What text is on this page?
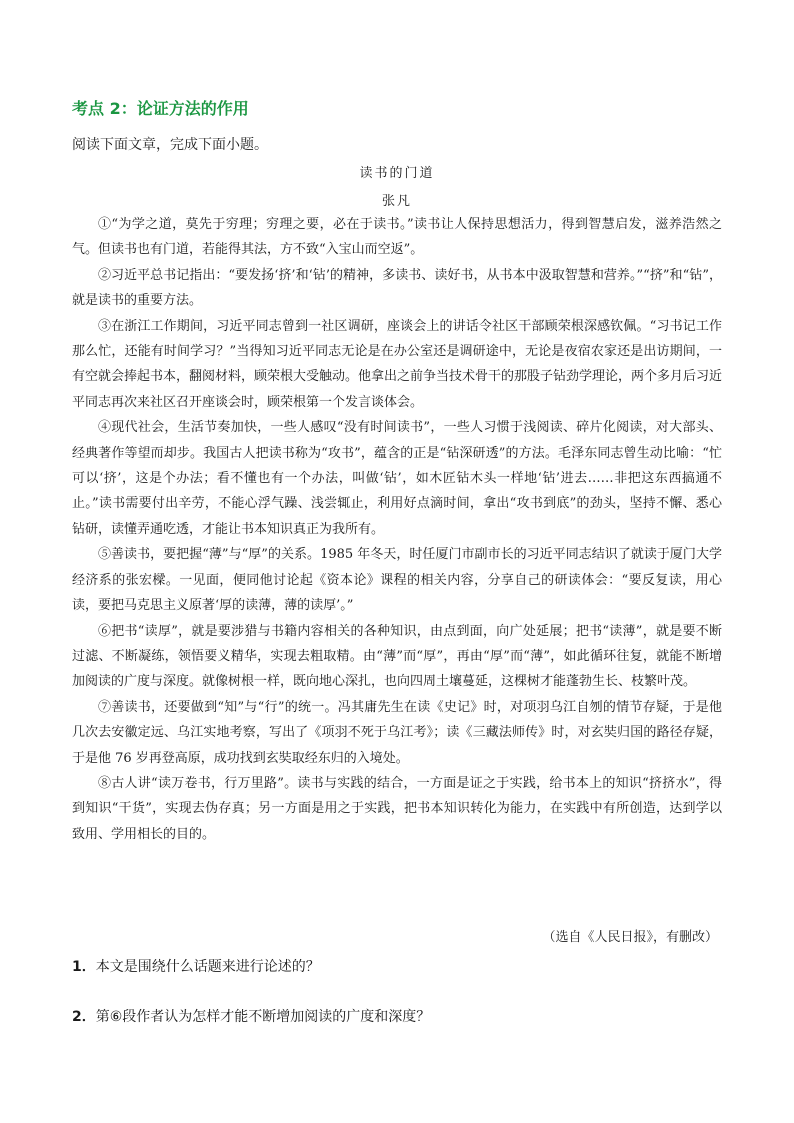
考点 2：论证方法的作用
阅读下面文章，完成下面小题。
读书的门道
张凡

①“为学之道，莫先于穷理；穷理之要，必在于读书。”读书让人保持思想活力，得到智慧启发，滋养浩然之气。但读书也有门道，若能得其法，方不致“入宝山而空返”。

②习近平总书记指出：“要发扬‘挤’和‘钻’的精神，多读书、读好书，从书本中汲取智慧和营养。”“挤”和“钻”，就是读书的重要方法。

③在浙江工作期间，习近平同志曾到一社区调研，座谈会上的讲话令社区干部顾荣根深感钦佩。“习书记工作那么忙，还能有时间学习？”当得知习近平同志无论是在办公室还是调研途中，无论是夜宿农家还是出访期间，一有空就会捧起书本，翻阅材料，顾荣根大受触动。他拿出之前争当技术骨干的那股子钻劲学理论，两个多月后习近平同志再次来社区召开座谈会时，顾荣根第一个发言谈体会。

④现代社会，生活节奏加快，一些人感叹“没有时间读书”，一些人习惯于浅阅读、碎片化阅读，对大部头、经典著作等望而却步。我国古人把读书称为“攻书”，蕴含的正是“钻深研透”的方法。毛泽东同志曾生动比喻：“忙可以‘挤’，这是个办法；看不懂也有一个办法，叫做‘钻’，如木匠钻木头一样地‘钻’进去……非把这东西搞通不止。”读书需要付出辛劳，不能心浮气躁、浅尝辄止，利用好点滴时间，拿出“攻书到底”的劲头，坚持不懈、悉心钻研，读懂弄通吃透，才能让书本知识真正为我所有。

⑤善读书，要把握“薄”与“厚”的关系。1985 年冬天，时任厦门市副市长的习近平同志结识了就读于厦门大学经济系的张宏樑。一见面，便同他讨论起《资本论》课程的相关内容，分享自己的研读体会：“要反复读，用心读，要把马克思主义原著‘厚的读薄，薄的读厚’。”

⑥把书“读厚”，就是要涉猎与书籍内容相关的各种知识，由点到面，向广处延展；把书“读薄”，就是要不断过滤、不断凝练，领悟要义精华，实现去粗取精。由“薄”而“厚”，再由“厚”而“薄”，如此循环往复，就能不断增加阅读的广度与深度。就像树根一样，既向地心深扎，也向四周土壤蔓延，这棵树才能蓬勃生长、枝繁叶茂。

⑦善读书，还要做到“知”与“行”的统一。冯其庸先生在读《史记》时，对项羽乌江自刎的情节存疑，于是他几次去安徽定远、乌江实地考察，写出了《项羽不死于乌江考》；读《三藏法师传》时，对玄奘归国的路径存疑，于是他 76 岁再登高原，成功找到玄奘取经东归的入境处。

⑧古人讲“读万卷书，行万里路”。读书与实践的结合，一方面是证之于实践，给书本上的知识“挤挤水”，得到知识“干货”，实现去伪存真；另一方面是用之于实践，把书本知识转化为能力，在实践中有所创造，达到学以致用、学用相长的目的。

（选自《人民日报》，有删改）
1．本文是围绕什么话题来进行论述的？
2．第⑥段作者认为怎样才能不断增加阅读的广度和深度？
